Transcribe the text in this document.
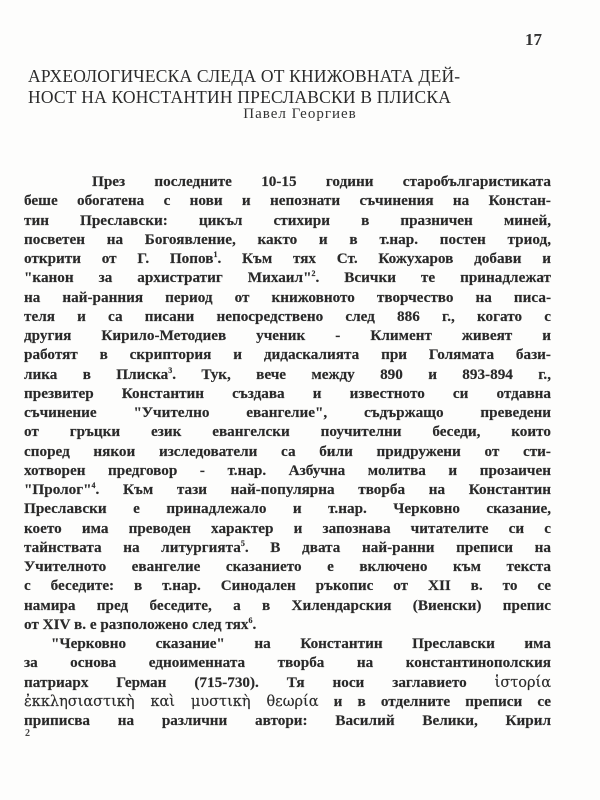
17
АРХЕОЛОГИЧЕСКА СЛЕДА ОТ КНИЖОВНАТА ДЕЙ-
НОСТ НА КОНСТАНТИН ПРЕСЛАВСКИ В ПЛИСКА
Павел Георгиев
През последните 10-15 години старобългаристиката
беше обогатена с нови и непознати съчинения на Констан-
тин Преславски: цикъл стихири в празничен миней,
посветен на Богоявление, както и в т.нар. постен триод,
открити от Г. Попов$^1$. Към тях Ст. Кожухаров добави и
"канон за архистратиг Михаил"$^2$. Всички те принадлежат
на най-ранния период от книжовното творчество на писа-
теля и са писани непосредствено след 886 г., когато с
другия Кирило-Методиев ученик - Климент живеят и
работят в скриптория и дидаскалията при Голямата бази-
лика в Плиска$^3$. Тук, вече между 890 и 893-894 г.,
презвитер Константин създава и известното си отдавна
съчинение "Учително евангелие", съдържащо преведени
от гръцки език евангелски поучителни беседи, които
според някои изследователи са били придружени от сти-
хотворен предговор - т.нар. Азбучна молитва и прозаичен
"Пролог"$^4$. Към тази най-популярна творба на Константин
Преславски е принадлежало и т.нар. Черковно сказание,
което има преводен характер и запознава читателите си с
тайнствата на литургията$^5$. В двата най-ранни преписи на
Учителното евангелие сказанието е включено към текста
с беседите: в т.нар. Синодален ръкопис от XII в. то се
намира пред беседите, а в Хилендарския (Виенски) препис
от XIV в. е разположено след тях$^6$.
"Черковно сказание" на Константин Преславски има
за основа едноименната творба на константинополския
патриарх Герман (715-730). Тя носи заглавието ἱστορία
ἐκκλησιαστικὴ καὶ μυστικὴ θεωρία и в отделните преписи се
приписва на различни автори: Василий Велики, Кирил
2
